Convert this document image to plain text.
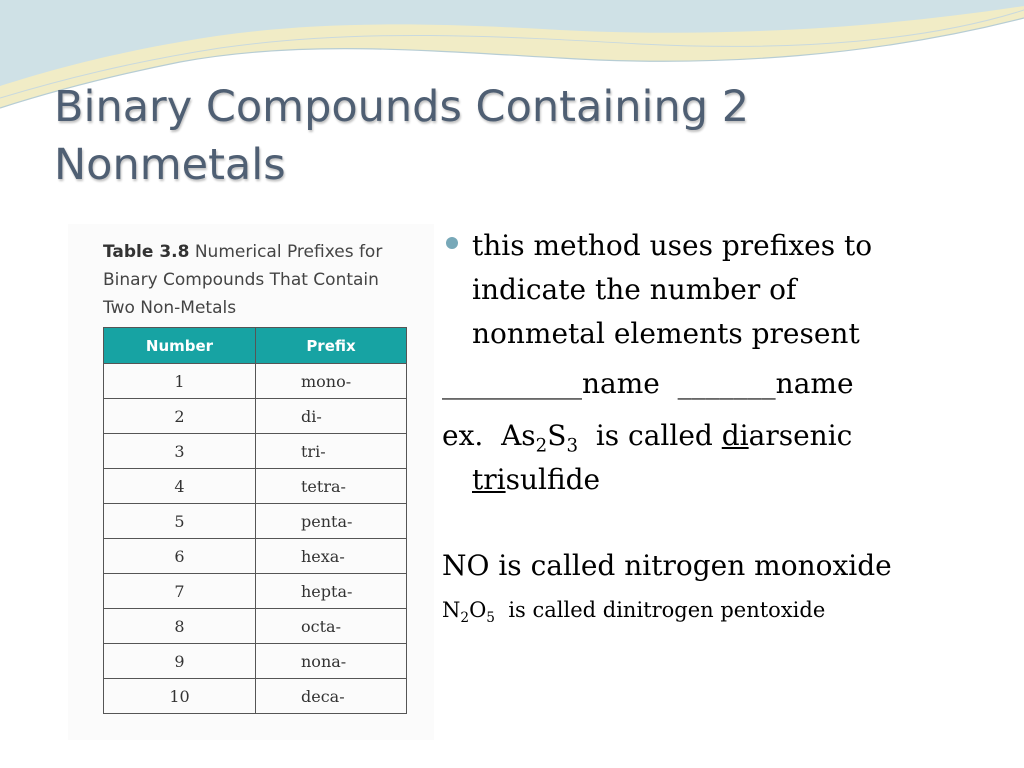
Binary Compounds Containing 2
Nonmetals
Table 3.8 Numerical Prefixes for
Binary Compounds That Contain
Two Non-Metals
Number	Prefix
1	mono-
2	di-
3	tri-
4	tetra-
5	penta-
6	hexa-
7	hepta-
8	octa-
9	nona-
10	deca-
this method uses prefixes to
indicate the number of
nonmetal elements present
__________name _______name
ex. $As_2S_3$ is called diarsenic
trisulfide
NO is called nitrogen monoxide
$N_2O_5$ is called dinitrogen pentoxide
